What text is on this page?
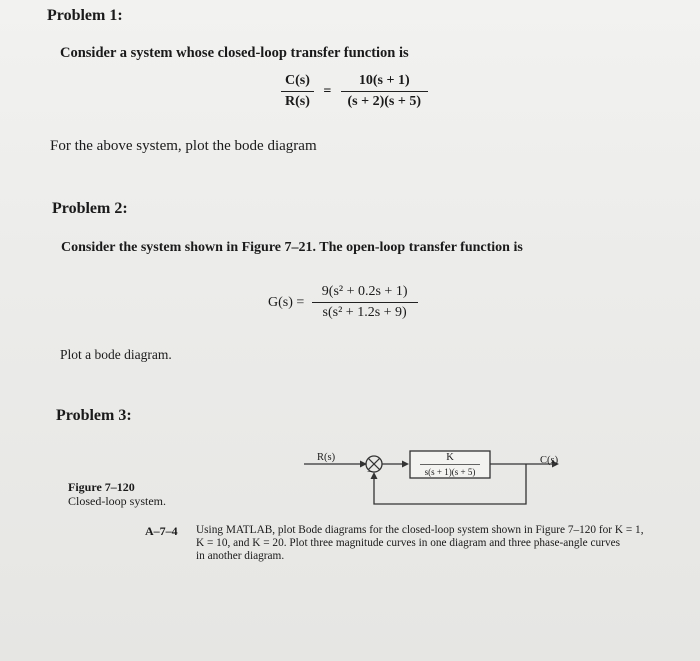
Problem 1:
Consider a system whose closed-loop transfer function is
$\frac{C(s)}{R(s)} = \frac{10(s + 1)}{(s + 2)(s + 5)}$
For the above system, plot the bode diagram
Problem 2:
Consider the system shown in Figure 7–21. The open-loop transfer function is
$G(s) = \frac{\text{9(s² + 0.2s + 1)}}{\text{s(s² + 1.2s + 9)}}$
Plot a bode diagram.
Problem 3:
Figure 7–120
Closed-loop system.
R(s)	C(s)
−
K
s(s + 1)(s + 5)
A–7–4 Using MATLAB, plot Bode diagrams for the closed-loop system shown in Figure 7–120 for K = 1,
K = 10, and K = 20. Plot three magnitude curves in one diagram and three phase-angle curves
in another diagram.
